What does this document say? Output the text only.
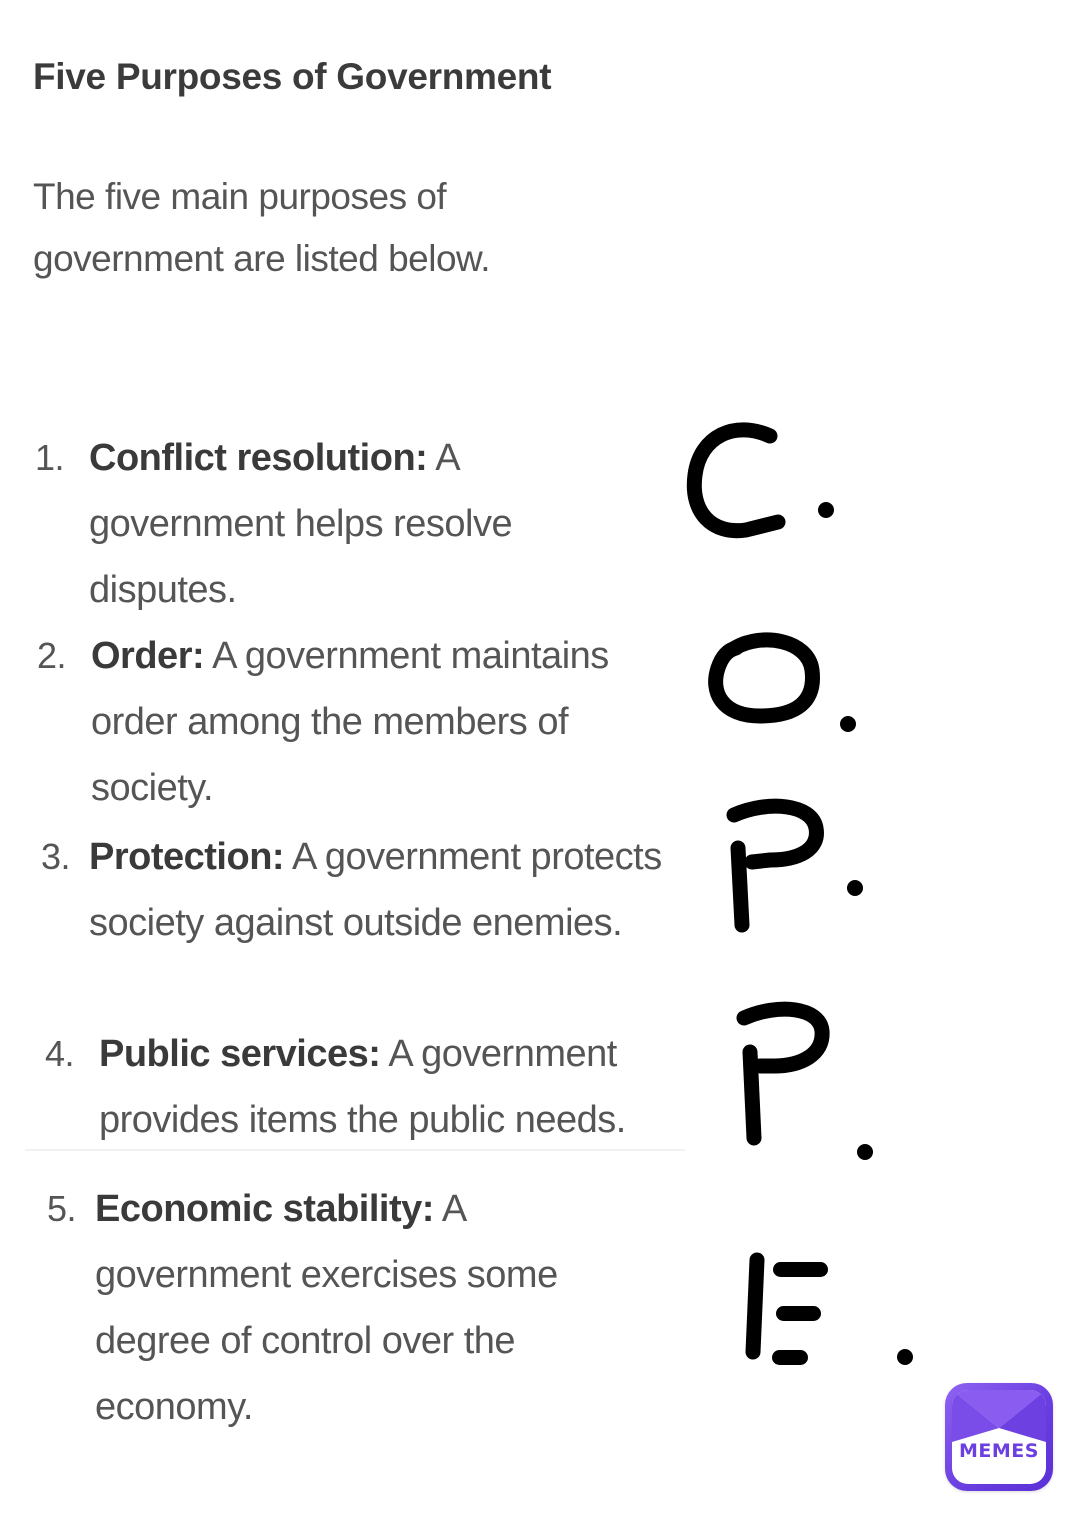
Five Purposes of Government
The five main purposes of government are listed below.
1. Conflict resolution: A government helps resolve disputes.
2. Order: A government maintains order among the members of society.
3. Protection: A government protects society against outside enemies.
4. Public services: A government provides items the public needs.
5. Economic stability: A government exercises some degree of control over the economy.
MEMES
